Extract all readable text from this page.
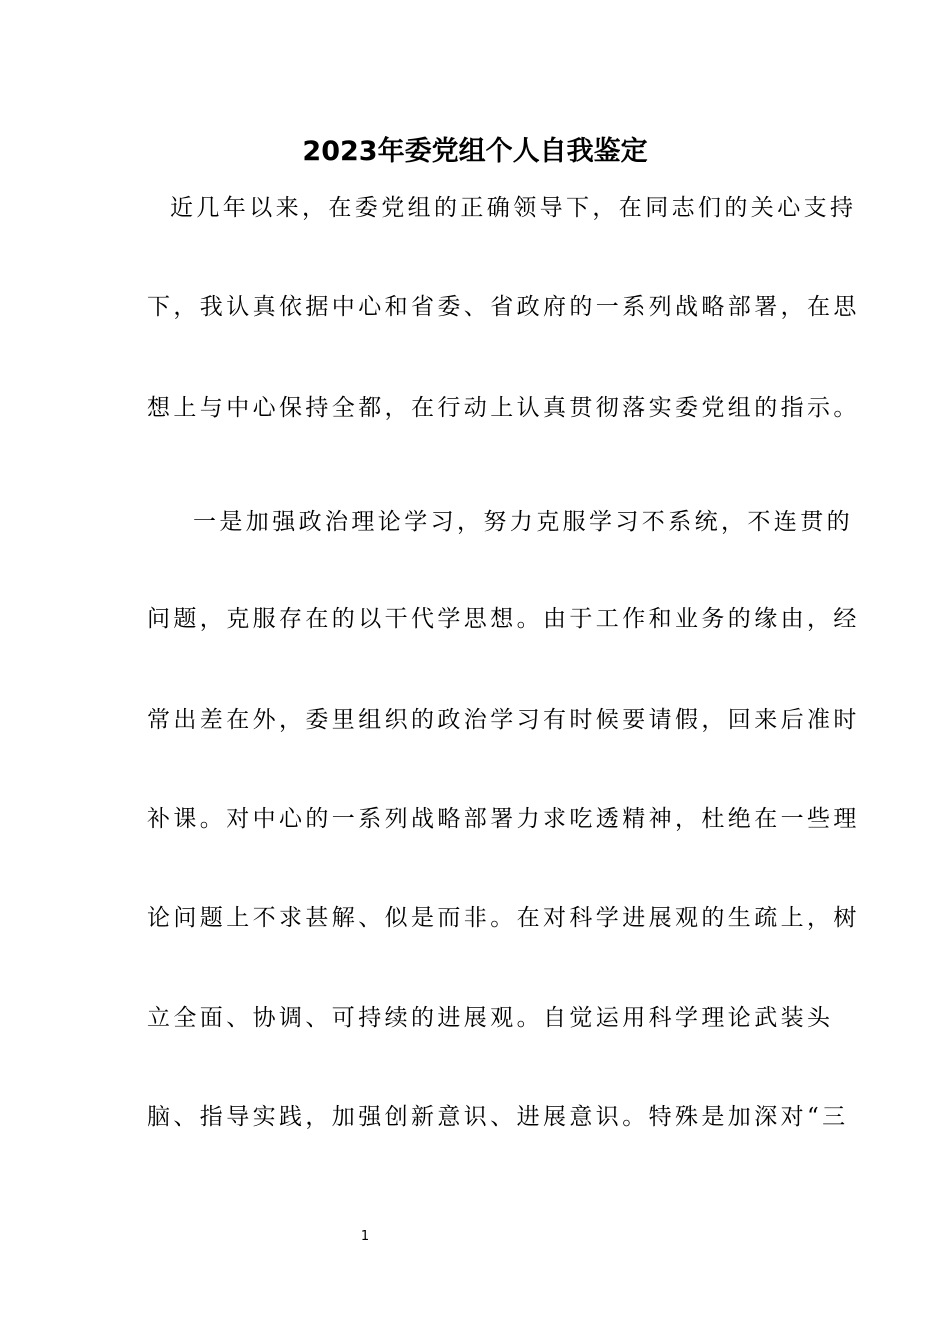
2023年委党组个人自我鉴定
近几年以来，在委党组的正确领导下，在同志们的关心支持
下，我认真依据中心和省委、省政府的一系列战略部署，在思
想上与中心保持全都，在行动上认真贯彻落实委党组的指示。
一是加强政治理论学习，努力克服学习不系统，不连贯的
问题，克服存在的以干代学思想。由于工作和业务的缘由，经
常出差在外，委里组织的政治学习有时候要请假，回来后准时
补课。对中心的一系列战略部署力求吃透精神，杜绝在一些理
论问题上不求甚解、似是而非。在对科学进展观的生疏上，树
立全面、协调、可持续的进展观。自觉运用科学理论武装头
脑、指导实践，加强创新意识、进展意识。特殊是加深对“三
1
